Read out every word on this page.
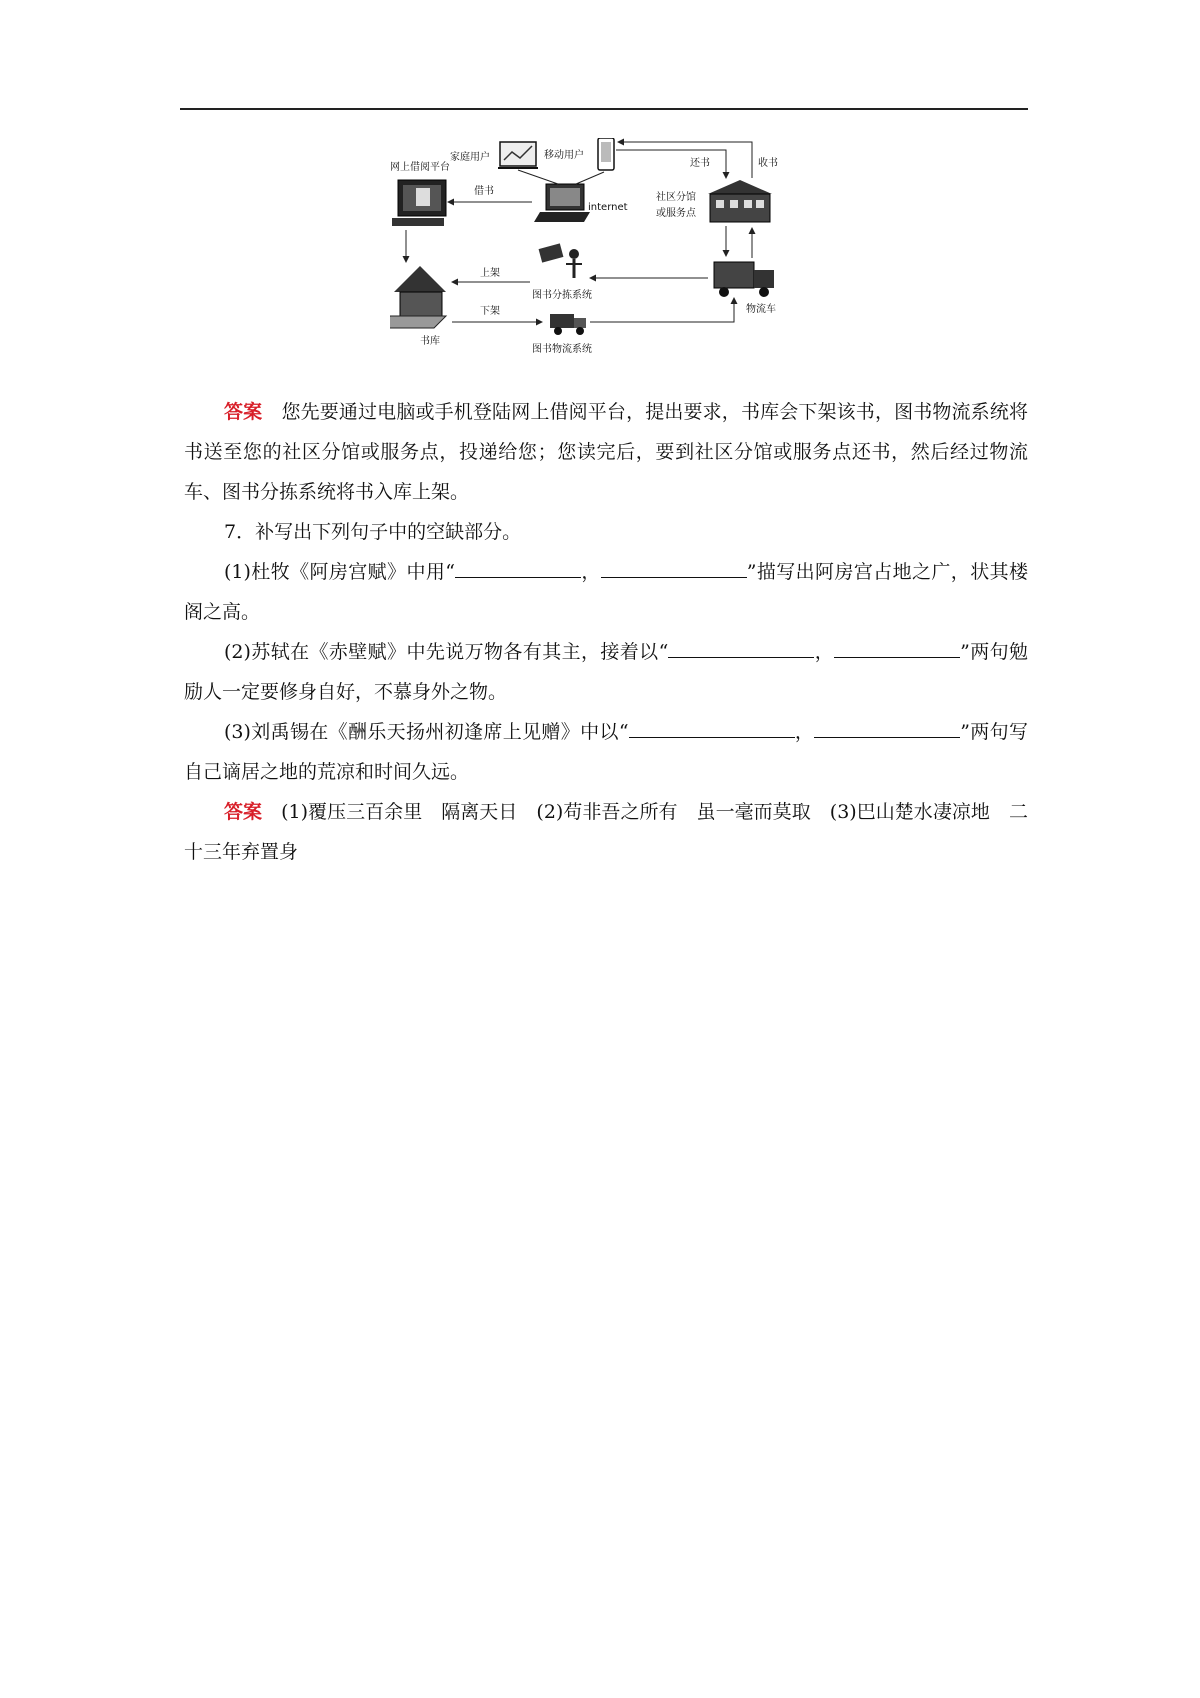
网上借阅平台
家庭用户	移动用户
internet
借书
社区分馆
或服务点
还书	收书
物流车
图书分拣系统
书库
上架
图书物流系统
下架

答案　 您先要通过电脑或手机登陆网上借阅平台，提出要求，书库会下架该书，图书物流系统将书送至您的社区分馆或服务点，投递给您；您读完后，要到社区分馆或服务点还书，然后经过物流车、图书分拣系统将书入库上架。

7．补写出下列句子中的空缺部分。

(1)杜牧《阿房宫赋》中用“	，	”描写出阿房宫占地之广，状其楼阁之高。

(2)苏轼在《赤壁赋》中先说万物各有其主，接着以“	，	”两句勉励人一定要修身自好，不慕身外之物。

(3)刘禹锡在《酬乐天扬州初逢席上见赠》中以“	，	”两句写自己谪居之地的荒凉和时间久远。

答案　 (1)覆压三百余里　隔离天日　(2)苟非吾之所有　虽一毫而莫取　(3)巴山楚水凄凉地　二十三年弃置身
